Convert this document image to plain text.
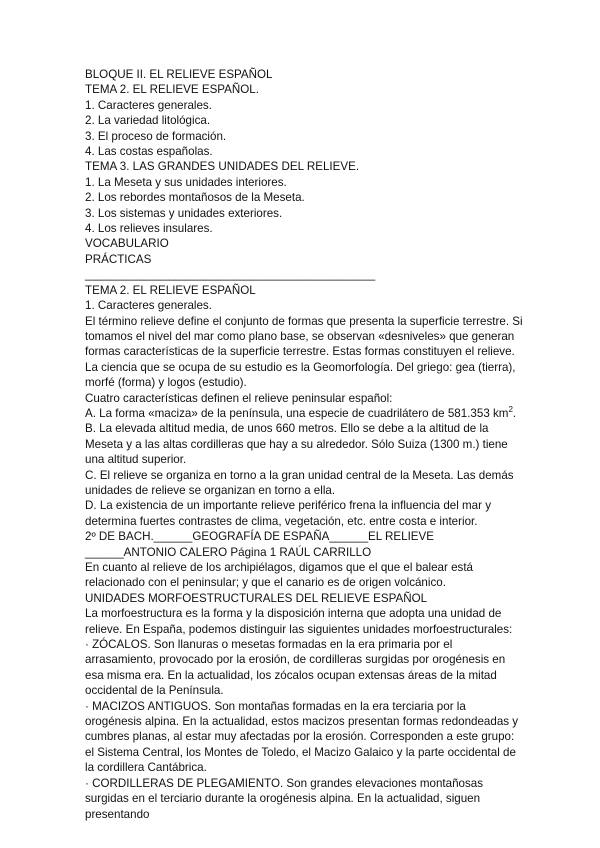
BLOQUE II. EL RELIEVE ESPAÑOL
TEMA 2. EL RELIEVE ESPAÑOL.
1. Caracteres generales.
2. La variedad litológica.
3. El proceso de formación.
4. Las costas españolas.
TEMA 3. LAS GRANDES UNIDADES DEL RELIEVE.
1. La Meseta y sus unidades interiores.
2. Los rebordes montañosos de la Meseta.
3. Los sistemas y unidades exteriores.
4. Los relieves insulares.
VOCABULARIO
PRÁCTICAS
_____________________________________________
TEMA 2. EL RELIEVE ESPAÑOL
1. Caracteres generales.
El término relieve define el conjunto de formas que presenta la superficie terrestre. Si tomamos el nivel del mar como plano base, se observan «desniveles» que generan formas características de la superficie terrestre. Estas formas constituyen el relieve. La ciencia que se ocupa de su estudio es la Geomorfología. Del griego: gea (tierra), morfé (forma) y logos (estudio).
Cuatro características definen el relieve peninsular español:
A. La forma «maciza» de la península, una especie de cuadrilátero de 581.353 $km^2$.
B. La elevada altitud media, de unos 660 metros. Ello se debe a la altitud de la Meseta y a las altas cordilleras que hay a su alrededor. Sólo Suiza (1300 m.) tiene una altitud superior.
C. El relieve se organiza en torno a la gran unidad central de la Meseta. Las demás unidades de relieve se organizan en torno a ella.
D. La existencia de un importante relieve periférico frena la influencia del mar y determina fuertes contrastes de clima, vegetación, etc. entre costa e interior.
2º DE BACH.______GEOGRAFÍA DE ESPAÑA______EL RELIEVE ______ANTONIO CALERO Página 1 RAÚL CARRILLO
En cuanto al relieve de los archipiélagos, digamos que el que el balear está relacionado con el peninsular; y que el canario es de origen volcánico.
UNIDADES MORFOESTRUCTURALES DEL RELIEVE ESPAÑOL
La morfoestructura es la forma y la disposición interna que adopta una unidad de relieve. En España, podemos distinguir las siguientes unidades morfoestructurales:
· ZÓCALOS. Son llanuras o mesetas formadas en la era primaria por el arrasamiento, provocado por la erosión, de cordilleras surgidas por orogénesis en esa misma era. En la actualidad, los zócalos ocupan extensas áreas de la mitad occidental de la Península.
· MACIZOS ANTIGUOS. Son montañas formadas en la era terciaria por la orogénesis alpina. En la actualidad, estos macizos presentan formas redondeadas y cumbres planas, al estar muy afectadas por la erosión. Corresponden a este grupo: el Sistema Central, los Montes de Toledo, el Macizo Galaico y la parte occidental de la cordillera Cantábrica.
· CORDILLERAS DE PLEGAMIENTO. Son grandes elevaciones montañosas surgidas en el terciario durante la orogénesis alpina. En la actualidad, siguen presentando
